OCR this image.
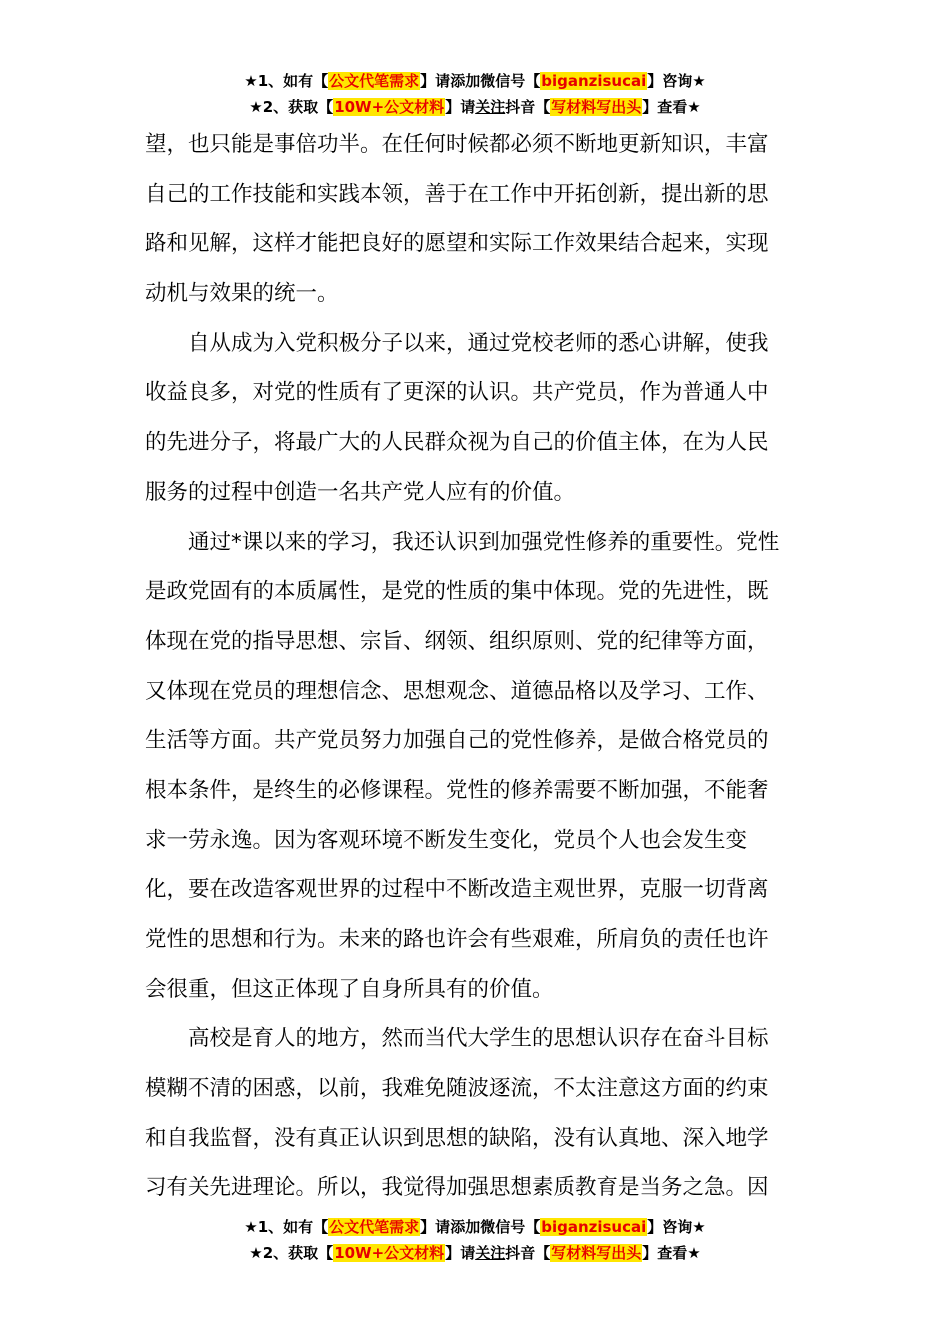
★1、如有【公文代笔需求】请添加微信号【biganzisucai】咨询★
★2、获取【10W+公文材料】请关注抖音【写材料写出头】查看★
望，也只能是事倍功半。在任何时候都必须不断地更新知识，丰富
自己的工作技能和实践本领，善于在工作中开拓创新，提出新的思
路和见解，这样才能把良好的愿望和实际工作效果结合起来，实现
动机与效果的统一。
　　自从成为入党积极分子以来，通过党校老师的悉心讲解，使我
收益良多，对党的性质有了更深的认识。共产党员，作为普通人中
的先进分子，将最广大的人民群众视为自己的价值主体，在为人民
服务的过程中创造一名共产党人应有的价值。
　　通过*课以来的学习，我还认识到加强党性修养的重要性。党性
是政党固有的本质属性，是党的性质的集中体现。党的先进性，既
体现在党的指导思想、宗旨、纲领、组织原则、党的纪律等方面，
又体现在党员的理想信念、思想观念、道德品格以及学习、工作、
生活等方面。共产党员努力加强自己的党性修养，是做合格党员的
根本条件，是终生的必修课程。党性的修养需要不断加强，不能奢
求一劳永逸。因为客观环境不断发生变化，党员个人也会发生变
化，要在改造客观世界的过程中不断改造主观世界，克服一切背离
党性的思想和行为。未来的路也许会有些艰难，所肩负的责任也许
会很重，但这正体现了自身所具有的价值。
　　高校是育人的地方，然而当代大学生的思想认识存在奋斗目标
模糊不清的困惑，以前，我难免随波逐流，不太注意这方面的约束
和自我监督，没有真正认识到思想的缺陷，没有认真地、深入地学
习有关先进理论。所以，我觉得加强思想素质教育是当务之急。因
★1、如有【公文代笔需求】请添加微信号【biganzisucai】咨询★
★2、获取【10W+公文材料】请关注抖音【写材料写出头】查看★
